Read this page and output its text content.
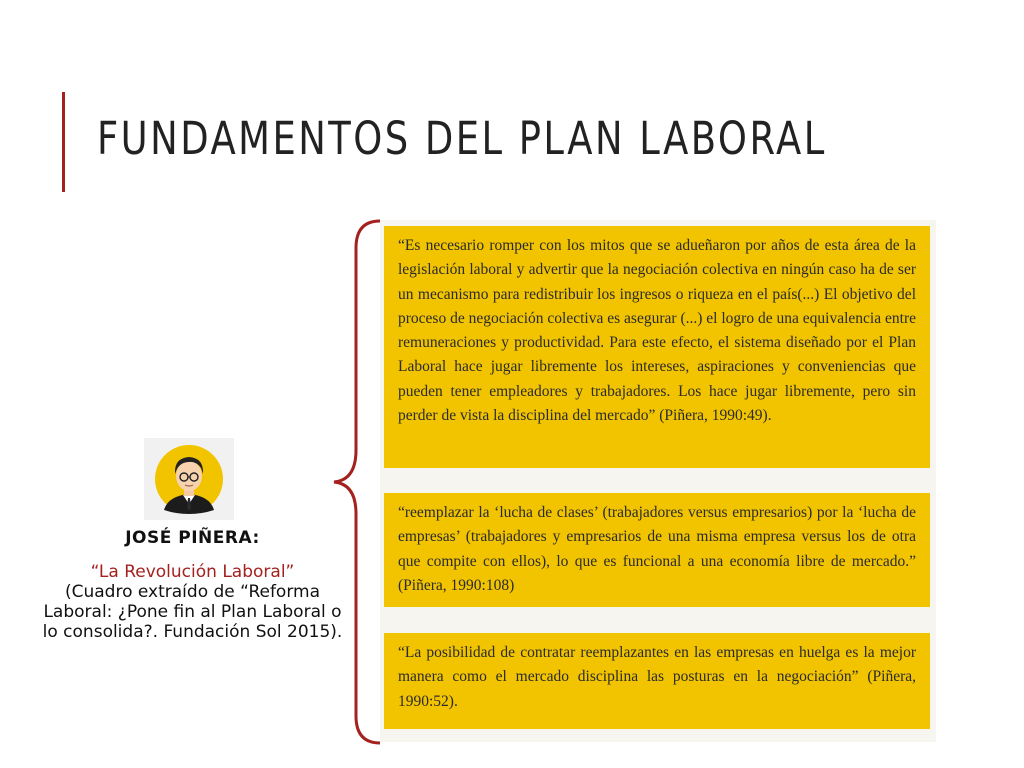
FUNDAMENTOS DEL PLAN LABORAL
JOSÉ PIÑERA:
“La Revolución Laboral”
(Cuadro extraído de “Reforma Laboral: ¿Pone fin al Plan Laboral o lo consolida?. Fundación Sol 2015).
“Es necesario romper con los mitos que se adueñaron por años de esta área de la legislación laboral y advertir que la negociación colectiva en ningún caso ha de ser un mecanismo para redistribuir los ingresos o riqueza en el país(...) El objetivo del proceso de negociación colectiva es asegurar (...) el logro de una equivalencia entre remuneraciones y productividad. Para este efecto, el sistema diseñado por el Plan Laboral hace jugar libremente los intereses, aspiraciones y conveniencias que pueden tener empleadores y trabajadores. Los hace jugar libremente, pero sin perder de vista la disciplina del mercado” (Piñera, 1990:49).
“reemplazar la ‘lucha de clases’ (trabajadores versus empresarios) por la ‘lucha de empresas’ (trabajadores y empresarios de una misma empresa versus los de otra que compite con ellos), lo que es funcional a una economía libre de mercado.” (Piñera, 1990:108)
“La posibilidad de contratar reemplazantes en las empresas en huelga es la mejor manera como el mercado disciplina las posturas en la negociación” (Piñera, 1990:52).
